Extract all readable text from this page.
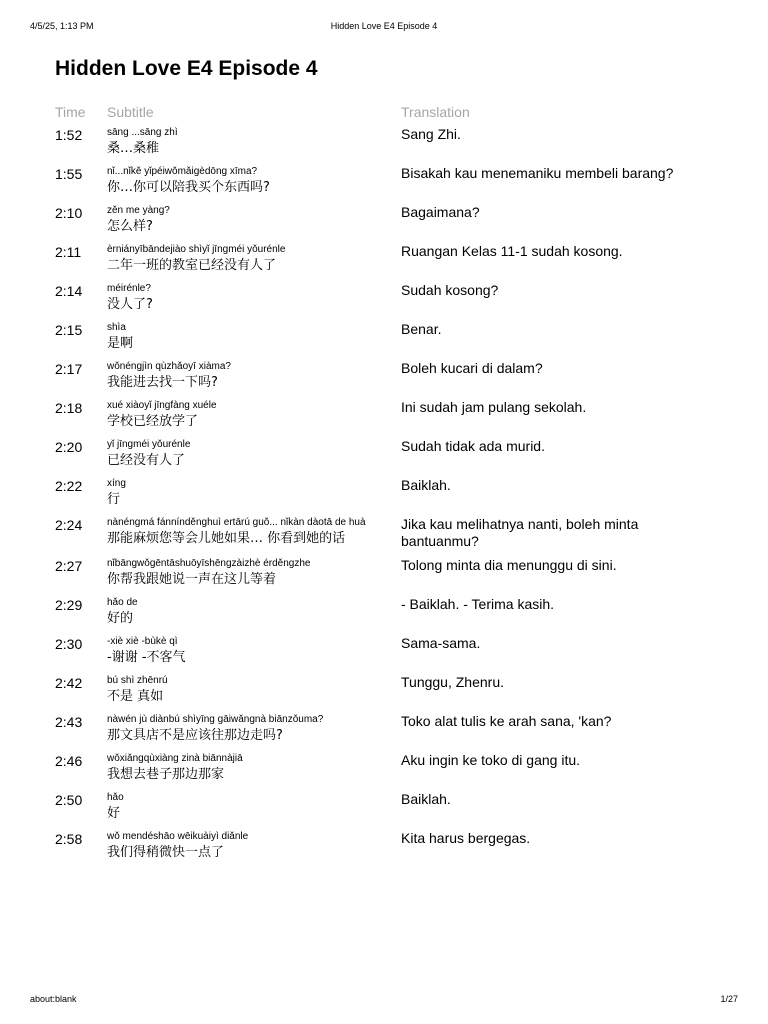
4/5/25, 1:13 PM	Hidden Love E4 Episode 4
Hidden Love E4 Episode 4
Time	Subtitle	Translation
1:52	sāng ...sāng zhì
桑…桑稚
Sang Zhi.
1:55	nǐ...nǐkě yǐpéiwǒmǎigèdōng xīma?
你…你可以陪我买个东西吗?
Bisakah kau menemaniku membeli barang?
2:10	zěn me yàng?
怎么样?
Bagaimana?
2:11	èrniányībāndejiào shìyǐ jīngméi yǒurénle
二年一班的教室已经没有人了
Ruangan Kelas 11-1 sudah kosong.
2:14	méirénle?
没人了?
Sudah kosong?
2:15	shìa
是啊
Benar.
2:17	wǒnéngjìn qùzhǎoyī xiàma?
我能进去找一下吗?
Boleh kucari di dalam?
2:18	xué xiàoyǐ jīngfàng xuéle
学校已经放学了
Ini sudah jam pulang sekolah.
2:20	yǐ jīngméi yǒurénle
已经没有人了
Sudah tidak ada murid.
2:22	xíng
行
Baiklah.
2:24	nànéngmá fánnínděnghuì ertārú guǒ... nǐkàn dàotā de huà
那能麻烦您等会儿她如果… 你看到她的话
Jika kau melihatnya nanti, boleh minta bantuanmu?
2:27	nǐbāngwǒgēntāshuōyīshēngzàizhè érděngzhe
你帮我跟她说一声在这儿等着
Tolong minta dia menunggu di sini.
2:29	hǎo de
好的
- Baiklah. - Terima kasih.
2:30	-xiè xiè -bùkè qì
-谢谢 -不客气
Sama-sama.
2:42	bú shì zhēnrú
不是 真如
Tunggu, Zhenru.
2:43	nàwén jù diànbú shìyīng gāiwǎngnà biānzǒuma?
那文具店不是应该往那边走吗?
Toko alat tulis ke arah sana, 'kan?
2:46	wǒxiǎngqùxiàng zinà biānnàjiā
我想去巷子那边那家
Aku ingin ke toko di gang itu.
2:50	hǎo
好
Baiklah.
2:58	wǒ mendéshāo wēikuàiyì diǎnle
我们得稍微快一点了
Kita harus bergegas.
about:blank	1/27
